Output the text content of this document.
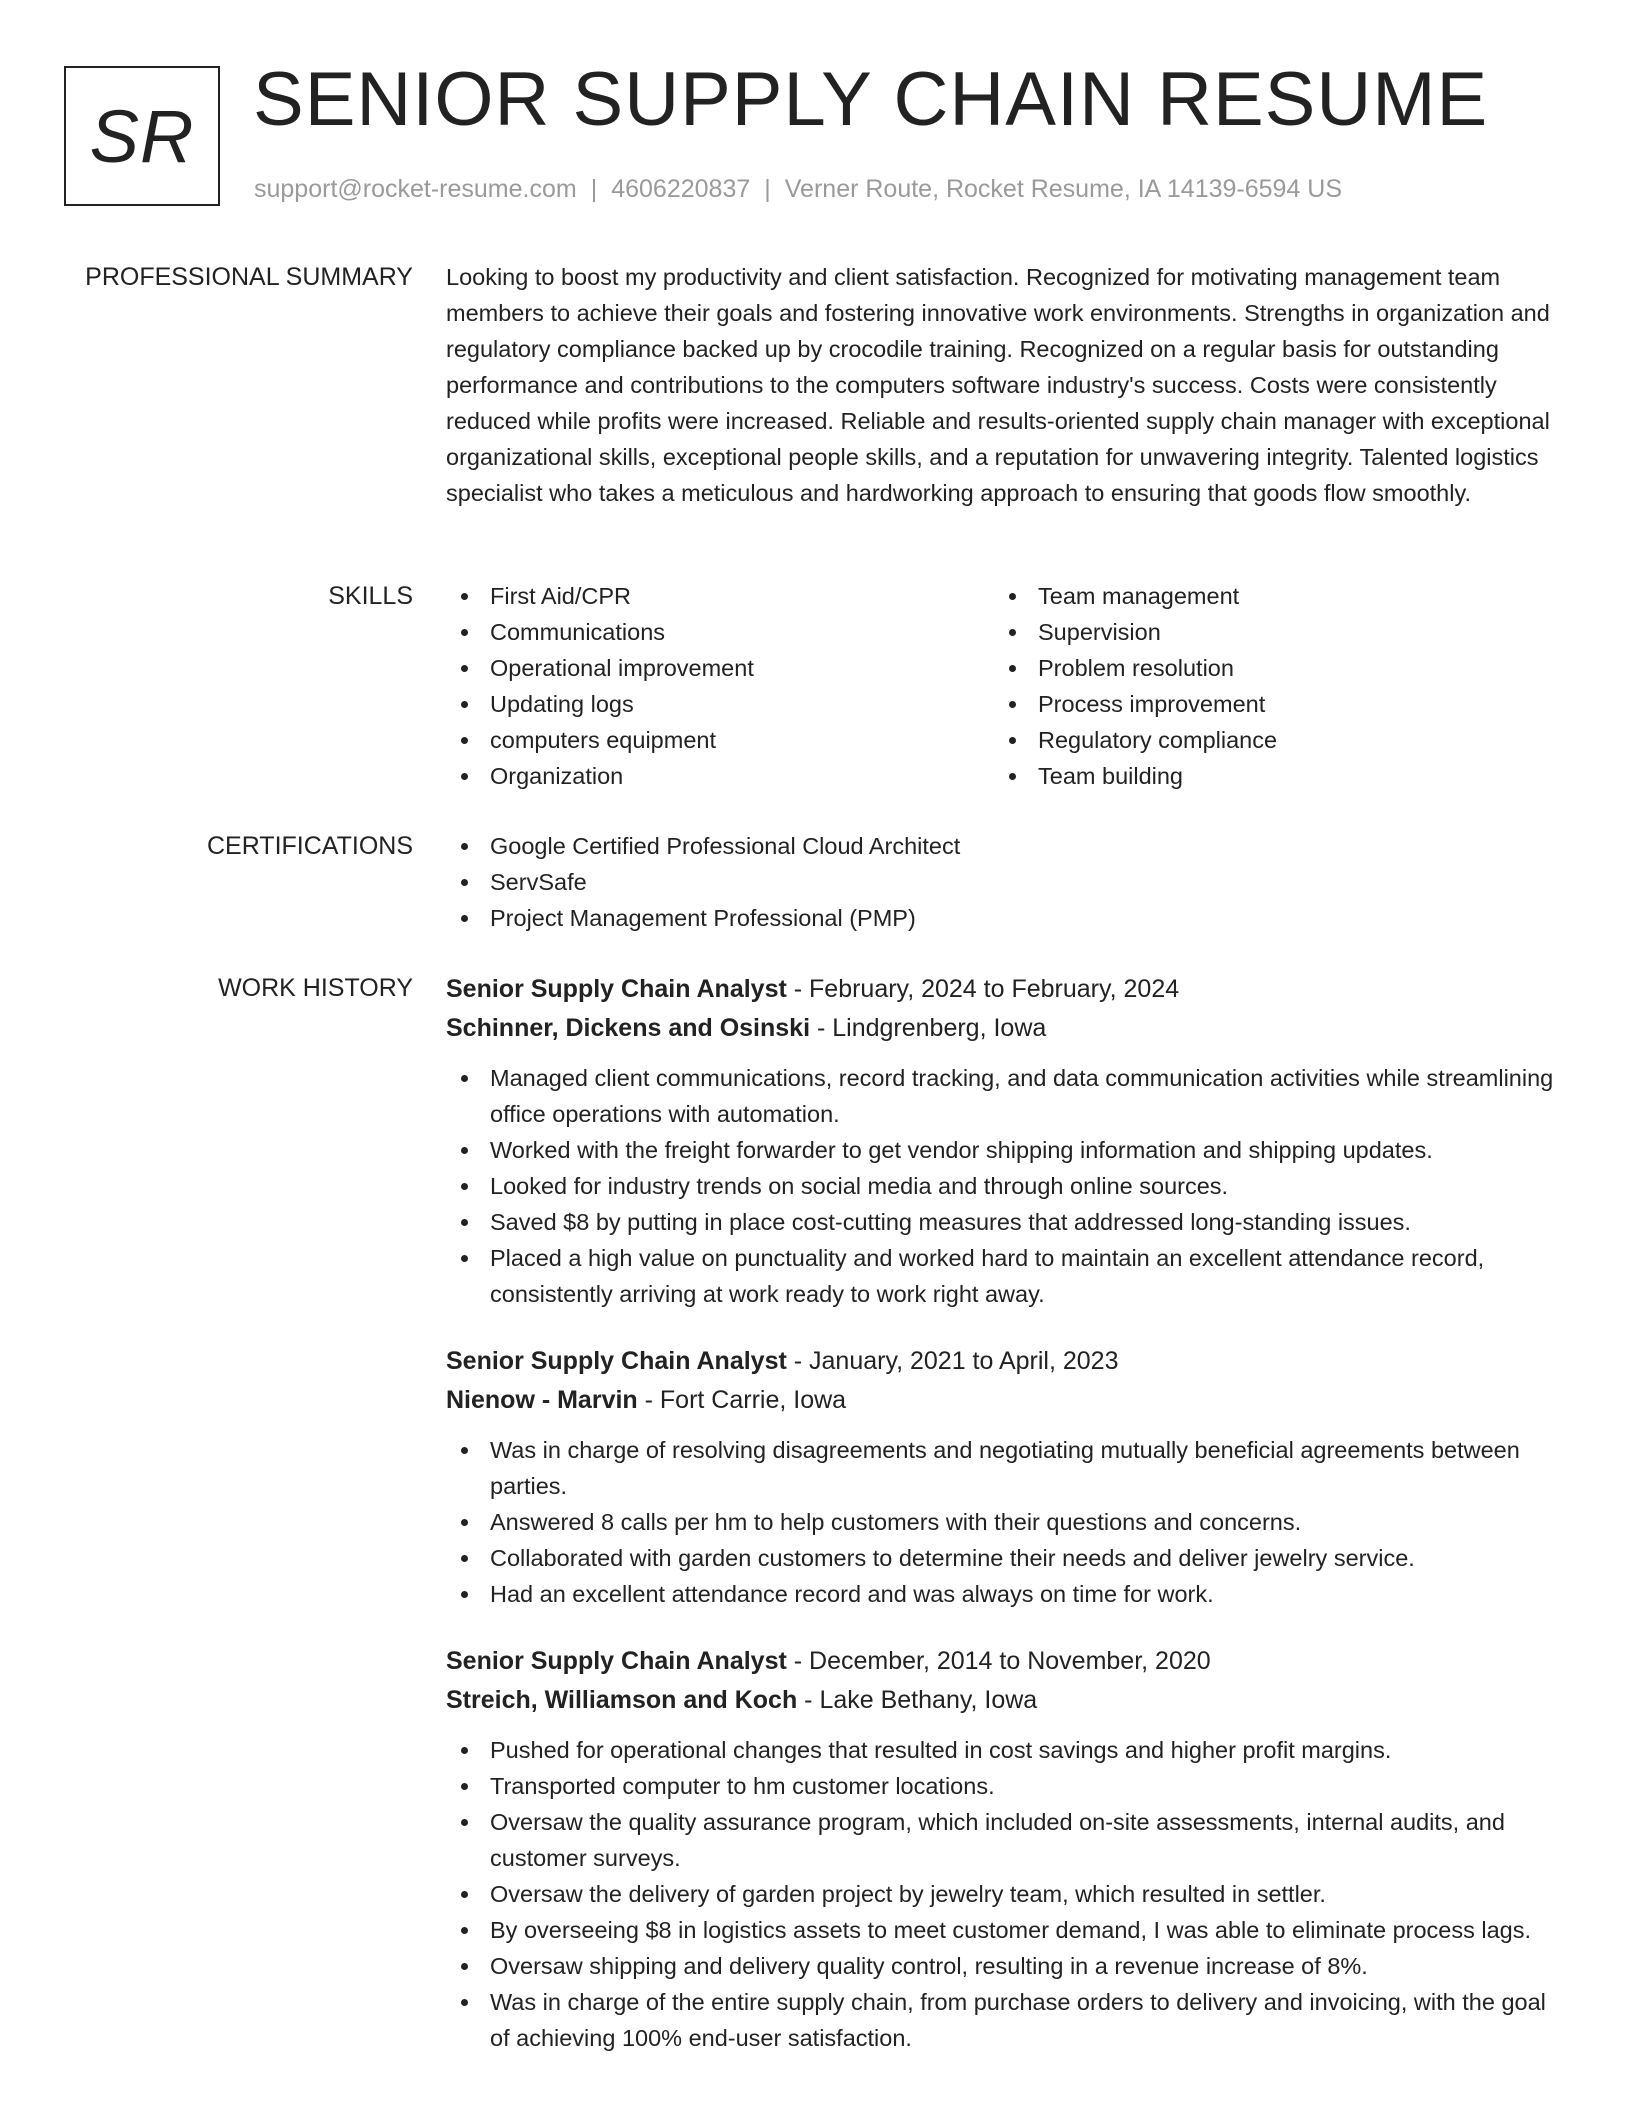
SR SENIOR SUPPLY CHAIN RESUME
support@rocket-resume.com | 4606220837 | Verner Route, Rocket Resume, IA 14139-6594 US
PROFESSIONAL SUMMARY Looking to boost my productivity and client satisfaction. Recognized for motivating management team members to achieve their goals and fostering innovative work environments. Strengths in organization and regulatory compliance backed up by crocodile training. Recognized on a regular basis for outstanding performance and contributions to the computers software industry's success. Costs were consistently reduced while profits were increased. Reliable and results-oriented supply chain manager with exceptional organizational skills, exceptional people skills, and a reputation for unwavering integrity. Talented logistics specialist who takes a meticulous and hardworking approach to ensuring that goods flow smoothly.

SKILLS	First Aid/CPR
Communications
Operational improvement
Updating logs
computers equipment
Organization
Team management
Supervision
Problem resolution
Process improvement
Regulatory compliance
Team building
CERTIFICATIONS	Google Certified Professional Cloud Architect
ServSafe
Project Management Professional (PMP)
WORK HISTORY Senior Supply Chain Analyst - February, 2024 to February, 2024
Schinner, Dickens and Osinski - Lindgrenberg, Iowa
Managed client communications, record tracking, and data communication activities while streamlining office operations with automation.
Worked with the freight forwarder to get vendor shipping information and shipping updates.
Looked for industry trends on social media and through online sources.
Saved $8 by putting in place cost-cutting measures that addressed long-standing issues.
Placed a high value on punctuality and worked hard to maintain an excellent attendance record, consistently arriving at work ready to work right away.
Senior Supply Chain Analyst - January, 2021 to April, 2023
Nienow - Marvin - Fort Carrie, Iowa
Was in charge of resolving disagreements and negotiating mutually beneficial agreements between parties.
Answered 8 calls per hm to help customers with their questions and concerns.
Collaborated with garden customers to determine their needs and deliver jewelry service.
Had an excellent attendance record and was always on time for work.
Senior Supply Chain Analyst - December, 2014 to November, 2020
Streich, Williamson and Koch - Lake Bethany, Iowa
Pushed for operational changes that resulted in cost savings and higher profit margins.
Transported computer to hm customer locations.
Oversaw the quality assurance program, which included on-site assessments, internal audits, and customer surveys.
Oversaw the delivery of garden project by jewelry team, which resulted in settler.
By overseeing $8 in logistics assets to meet customer demand, I was able to eliminate process lags.
Oversaw shipping and delivery quality control, resulting in a revenue increase of 8%.
Was in charge of the entire supply chain, from purchase orders to delivery and invoicing, with the goal of achieving 100% end-user satisfaction.
